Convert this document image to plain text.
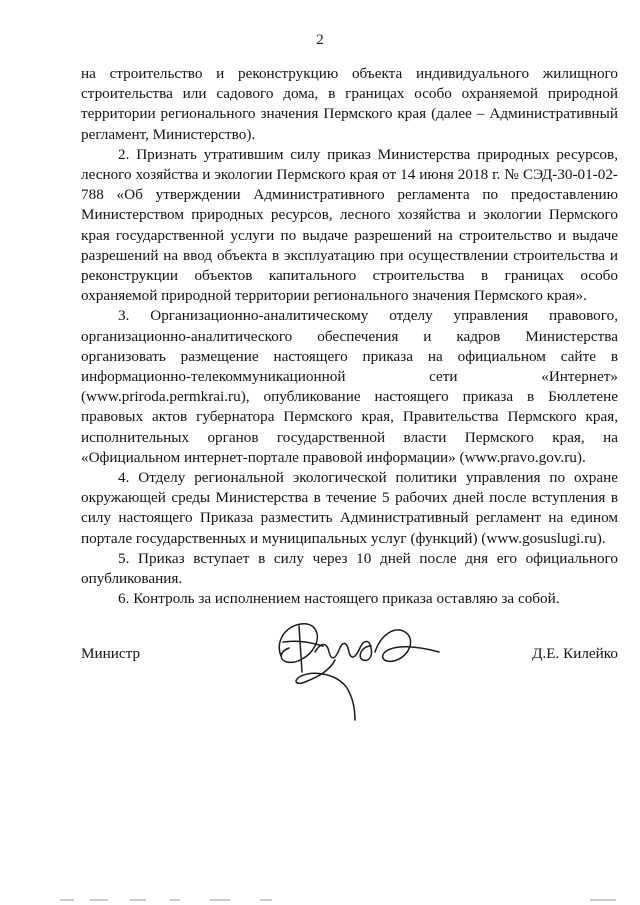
2

на строительство и реконструкцию объекта индивидуального жилищного строительства или садового дома, в границах особо охраняемой природной территории регионального значения Пермского края (далее – Административный регламент, Министерство).

2. Признать утратившим силу приказ Министерства природных ресурсов, лесного хозяйства и экологии Пермского края от 14 июня 2018 г. № СЭД-30-01-02-788 «Об утверждении Административного регламента по предоставлению Министерством природных ресурсов, лесного хозяйства и экологии Пермского края государственной услуги по выдаче разрешений на строительство и выдаче разрешений на ввод объекта в эксплуатацию при осуществлении строительства и реконструкции объектов капитального строительства в границах особо охраняемой природной территории регионального значения Пермского края».

3. Организационно-аналитическому отделу управления правового, организационно-аналитического обеспечения и кадров Министерства организовать размещение настоящего приказа на официальном сайте в информационно-телекоммуникационной сети «Интернет» (www.priroda.permkrai.ru), опубликование настоящего приказа в Бюллетене правовых актов губернатора Пермского края, Правительства Пермского края, исполнительных органов государственной власти Пермского края, на «Официальном интернет-портале правовой информации» (www.pravo.gov.ru).

4. Отделу региональной экологической политики управления по охране окружающей среды Министерства в течение 5 рабочих дней после вступления в силу настоящего Приказа разместить Административный регламент на едином портале государственных и муниципальных услуг (функций) (www.gosuslugi.ru).

5. Приказ вступает в силу через 10 дней после дня его официального опубликования.

6. Контроль за исполнением настоящего приказа оставляю за собой.

Министр	Д.Е. Килейко
